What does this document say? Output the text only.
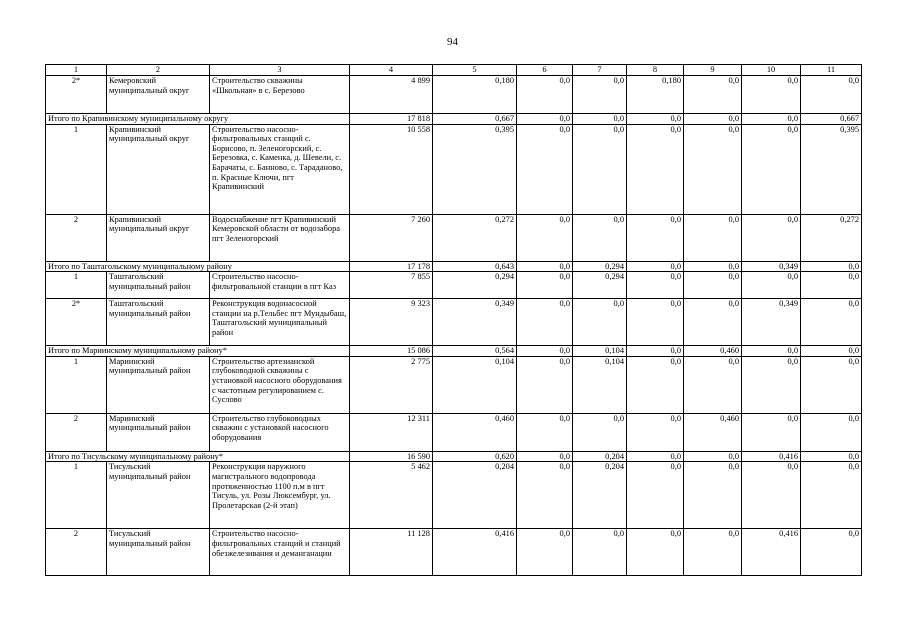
94
1	2	3	4	5	6	7	8	9	10	11
2*	Кемеровский муниципальный округ	Строительство скважины «Школьная» в с. Березово	4 899	0,180	0,0	0,0	0,180	0,0	0,0	0,0
Итого по Крапивинскому муниципальному округу			17 818	0,667	0,0	0,0	0,0	0,0	0,0	0,667
1	Крапивинский муниципальный округ	Строительство насосно-фильтровальных станций с. Борисово, п. Зеленогорский, с. Березовка, с. Каменка, д. Шевели, с. Барачаты, с. Банново, с. Тараданово, п. Красные Ключи, пгт Крапивинский	10 558	0,395	0,0	0,0	0,0	0,0	0,0	0,395
2	Крапивинский муниципальный округ	Водоснабжение пгт Крапивинский Кемеровской области от водозабора пгт Зеленогорский	7 260	0,272	0,0	0,0	0,0	0,0	0,0	0,272
Итого по Таштагольскому муниципальному району			17 178	0,643	0,0	0,294	0,0	0,0	0,349	0,0
1	Таштагольский муниципальный район	Строительство насосно-фильтровальной станции в пгт Каз	7 855	0,294	0,0	0,294	0,0	0,0	0,0	0,0
2*	Таштагольский муниципальный район	Реконструкция водонасосной станции на р.Тельбес пгт Мундыбаш, Таштагольский муниципальный район	9 323	0,349	0,0	0,0	0,0	0,0	0,349	0,0
Итого по Мариинскому муниципальному району*			15 086	0,564	0,0	0,104	0,0	0,460	0,0	0,0
1	Мариинский муниципальный район	Строительство артезианской глубоководной скважины с установкой насосного оборудования с частотным регулированием с. Суслово	2 775	0,104	0,0	0,104	0,0	0,0	0,0	0,0
2	Мариинский муниципальный район	Строительство глубоководных скважин с установкой насосного оборудования	12 311	0,460	0,0	0,0	0,0	0,460	0,0	0,0
Итого по Тисульскому муниципальному району*			16 590	0,620	0,0	0,204	0,0	0,0	0,416	0,0
1	Тисульский муниципальный район	Реконструкция наружного магистрального водопровода протяженностью 1100 п.м в пгт Тисуль, ул. Розы Люксембург, ул. Пролетарская (2-й этап)	5 462	0,204	0,0	0,204	0,0	0,0	0,0	0,0
2	Тисульский муниципальный район	Строительство насосно-фильтровальных станций и станций обезжелезивания и деманганации	11 128	0,416	0,0	0,0	0,0	0,0	0,416	0,0
